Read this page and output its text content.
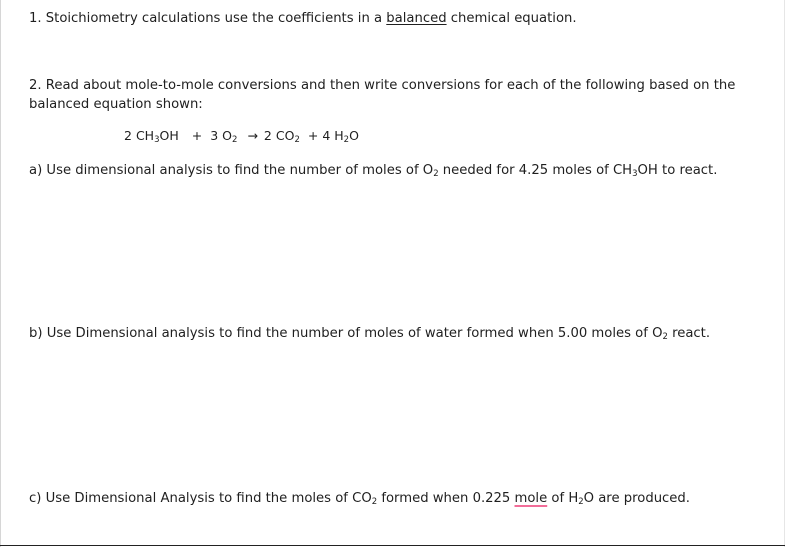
1. Stoichiometry calculations use the coefficients in a balanced chemical equation.
2. Read about mole-to-mole conversions and then write conversions for each of the following based on the balanced equation shown:
2 $CH_3OH + 3$ $O_2 \to 2$ $CO_2 + 4$ $H_2O$
a) Use dimensional analysis to find the number of moles of $O_2$ needed for 4.25 moles of $CH_3OH$ to react.
b) Use Dimensional analysis to find the number of moles of water formed when 5.00 moles of $O_2$ react.
c) Use Dimensional Analysis to find the moles of $CO_2$ formed when 0.225 mole of $H_2O$ are produced.
